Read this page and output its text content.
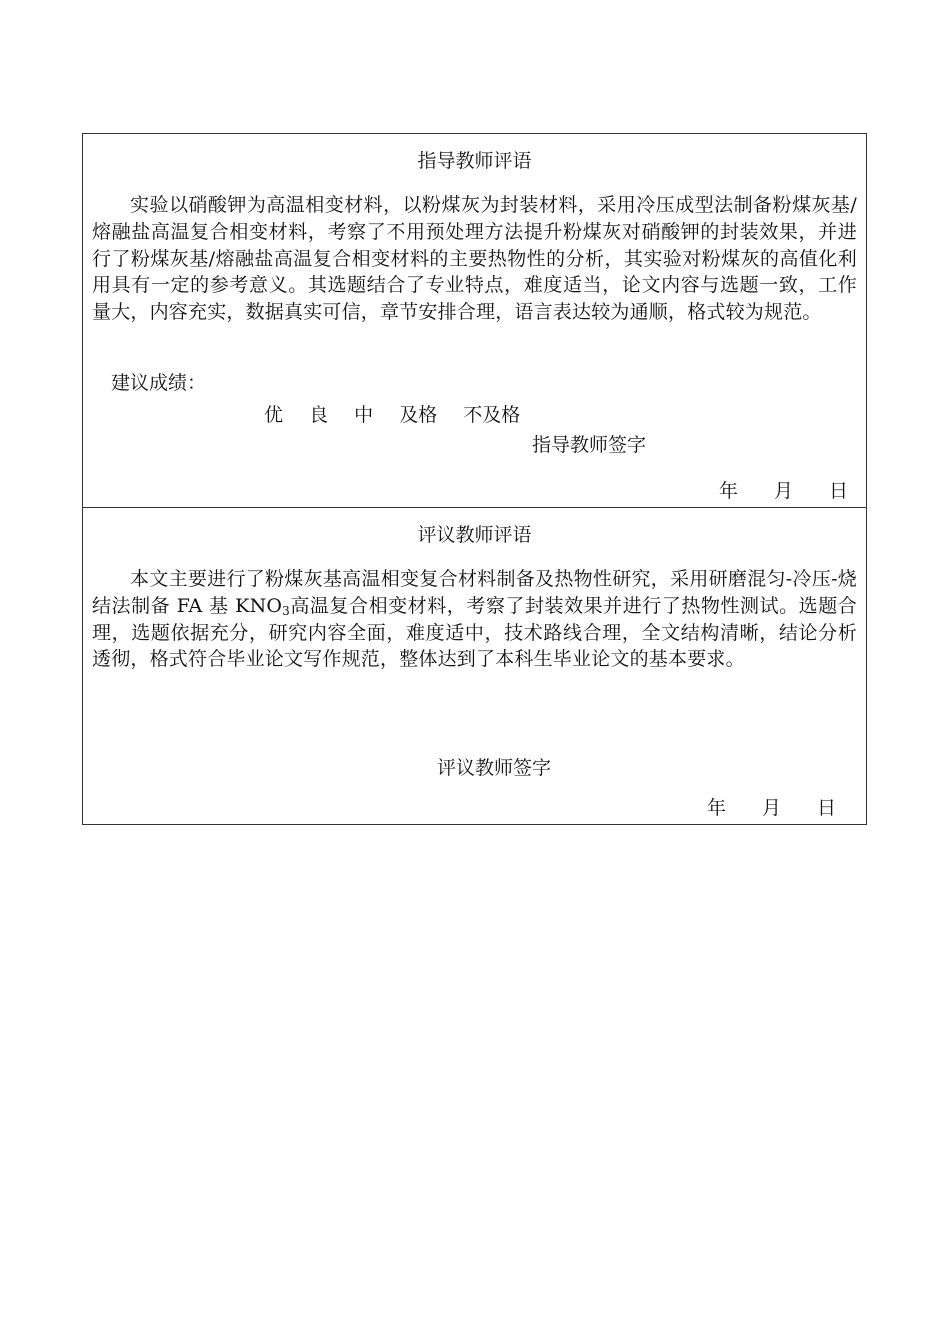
指导教师评语

实验以硝酸钾为高温相变材料，以粉煤灰为封装材料，采用冷压成型法制备粉煤灰基/熔融盐高温复合相变材料，考察了不用预处理方法提升粉煤灰对硝酸钾的封装效果，并进行了粉煤灰基/熔融盐高温复合相变材料的主要热物性的分析，其实验对粉煤灰的高值化利用具有一定的参考意义。其选题结合了专业特点，难度适当，论文内容与选题一致，工作量大，内容充实，数据真实可信，章节安排合理，语言表达较为通顺，格式较为规范。

建议成绩：
优 良 中 及格 不及格
指导教师签字
年 月 日
评议教师评语

本文主要进行了粉煤灰基高温相变复合材料制备及热物性研究，采用研磨混匀-冷压-烧结法制备 FA 基 $KNO_3$高温复合相变材料，考察了封装效果并进行了热物性测试。选题合理，选题依据充分，研究内容全面，难度适中，技术路线合理，全文结构清晰，结论分析透彻，格式符合毕业论文写作规范，整体达到了本科生毕业论文的基本要求。

评议教师签字
年 月 日
